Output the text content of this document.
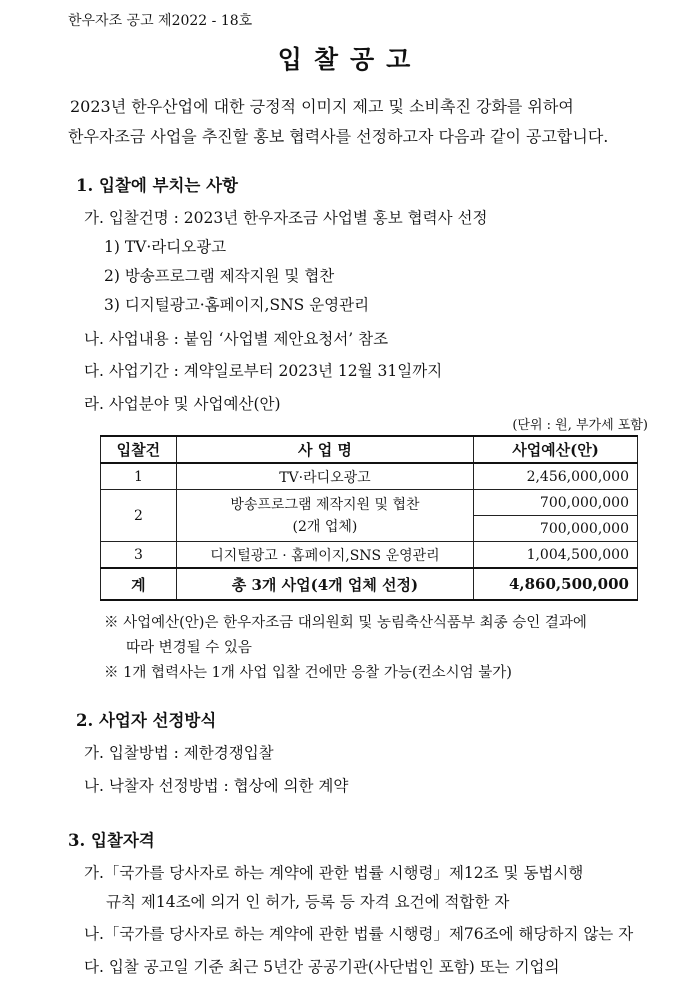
한우자조 공고 제2022 - 18호
입찰공고
2023년 한우산업에 대한 긍정적 이미지 제고 및 소비촉진 강화를 위하여
한우자조금 사업을 추진할 홍보 협력사를 선정하고자 다음과 같이 공고합니다.
1. 입찰에 부치는 사항
가. 입찰건명 : 2023년 한우자조금 사업별 홍보 협력사 선정
1) TV·라디오광고
2) 방송프로그램 제작지원 및 협찬
3) 디지털광고·홈페이지,SNS 운영관리
나. 사업내용 : 붙임 ‘사업별 제안요청서’ 참조
다. 사업기간 : 계약일로부터 2023년 12월 31일까지
라. 사업분야 및 사업예산(안)
(단위 : 원, 부가세 포함)
입찰건	사 업 명	사업예산(안)
1	TV·라디오광고	2,456,000,000
2	방송프로그램 제작지원 및 협찬
(2개 업체)	700,000,000
		700,000,000
3	디지털광고 · 홈페이지,SNS 운영관리	1,004,500,000
계	총 3개 사업(4개 업체 선정)	4,860,500,000
※ 사업예산(안)은 한우자조금 대의원회 및 농림축산식품부 최종 승인 결과에
따라 변경될 수 있음
※ 1개 협력사는 1개 사업 입찰 건에만 응찰 가능(컨소시엄 불가)
2. 사업자 선정방식
가. 입찰방법 : 제한경쟁입찰
나. 낙찰자 선정방법 : 협상에 의한 계약
3. 입찰자격
가.「국가를 당사자로 하는 계약에 관한 법률 시행령」제12조 및 동법시행
규칙 제14조에 의거 인 허가, 등록 등 자격 요건에 적합한 자
나.「국가를 당사자로 하는 계약에 관한 법률 시행령」제76조에 해당하지 않는 자
다. 입찰 공고일 기준 최근 5년간 공공기관(사단법인 포함) 또는 기업의
